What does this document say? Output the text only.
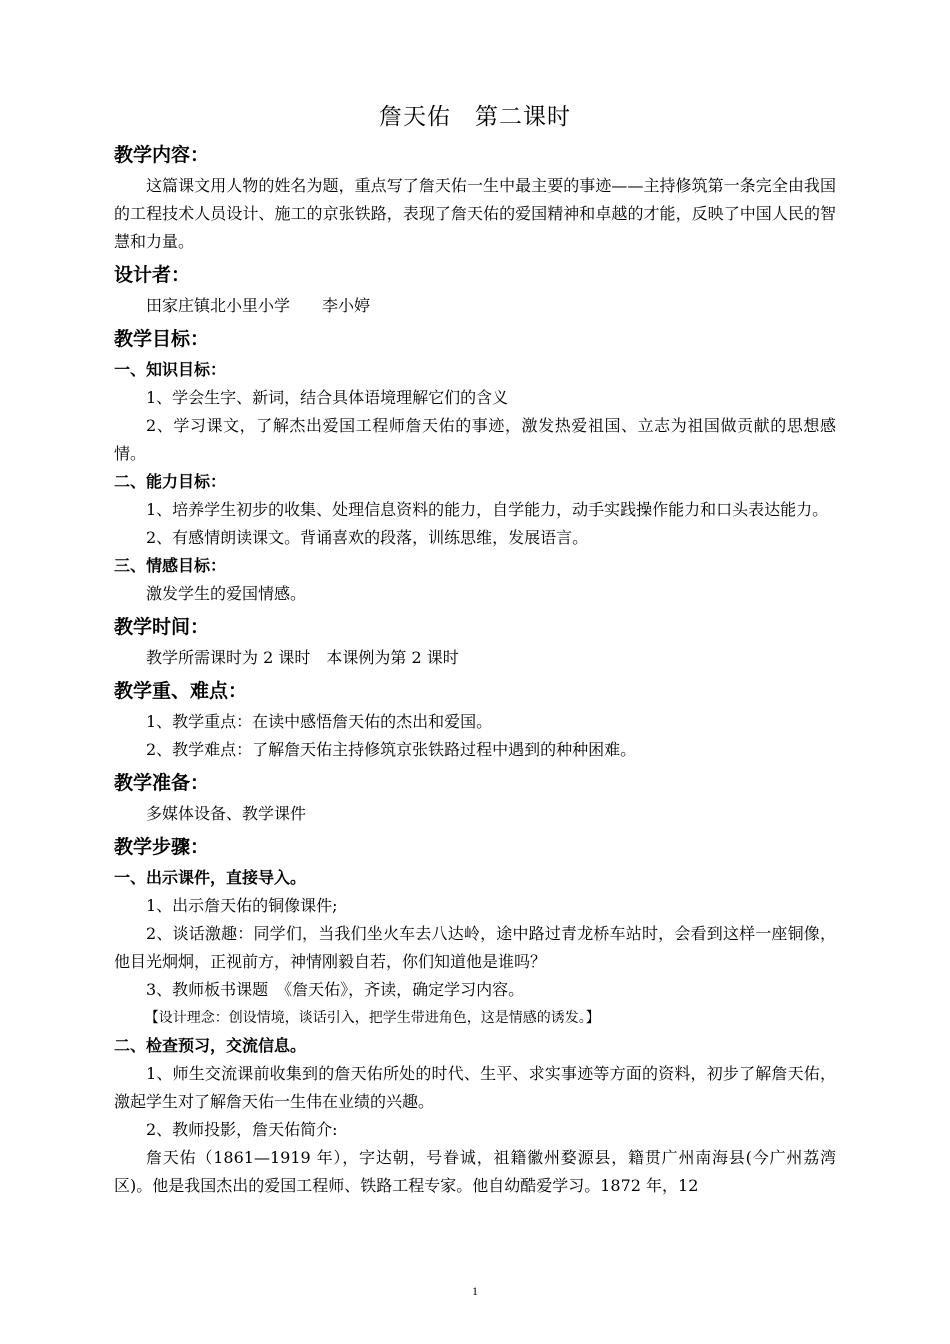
詹天佑　第二课时
教学内容：
这篇课文用人物的姓名为题，重点写了詹天佑一生中最主要的事迹——主持修筑第一条完全由我国的工程技术人员设计、施工的京张铁路，表现了詹天佑的爱国精神和卓越的才能，反映了中国人民的智慧和力量。
设计者：
田家庄镇北小里小学　　李小婷
教学目标：
一、知识目标：
1、学会生字、新词，结合具体语境理解它们的含义
2、学习课文，了解杰出爱国工程师詹天佑的事迹，激发热爱祖国、立志为祖国做贡献的思想感情。
二、能力目标：
1、培养学生初步的收集、处理信息资料的能力，自学能力，动手实践操作能力和口头表达能力。
2、有感情朗读课文。背诵喜欢的段落，训练思维，发展语言。
三、情感目标：
激发学生的爱国情感。
教学时间：
教学所需课时为 2 课时　本课例为第 2 课时
教学重、难点：
1、教学重点：在读中感悟詹天佑的杰出和爱国。
2、教学难点：了解詹天佑主持修筑京张铁路过程中遇到的种种困难。
教学准备：
多媒体设备、教学课件
教学步骤：
一、出示课件，直接导入。
1、出示詹天佑的铜像课件;
2、谈话激趣：同学们，当我们坐火车去八达岭，途中路过青龙桥车站时，会看到这样一座铜像，他目光炯炯，正视前方，神情刚毅自若，你们知道他是谁吗？
3、教师板书课题　《詹天佑》，齐读，确定学习内容。
【设计理念：创设情境，谈话引入，把学生带进角色，这是情感的诱发。】
二、检查预习，交流信息。
1、师生交流课前收集到的詹天佑所处的时代、生平、求实事迹等方面的资料，初步了解詹天佑，激起学生对了解詹天佑一生伟在业绩的兴趣。
2、教师投影，詹天佑简介:
詹天佑（1861—1919 年），字达朝，号眷诚，祖籍徽州婺源县，籍贯广州南海县(今广州荔湾区)。他是我国杰出的爱国工程师、铁路工程专家。他自幼酷爱学习。1872 年，12
1
